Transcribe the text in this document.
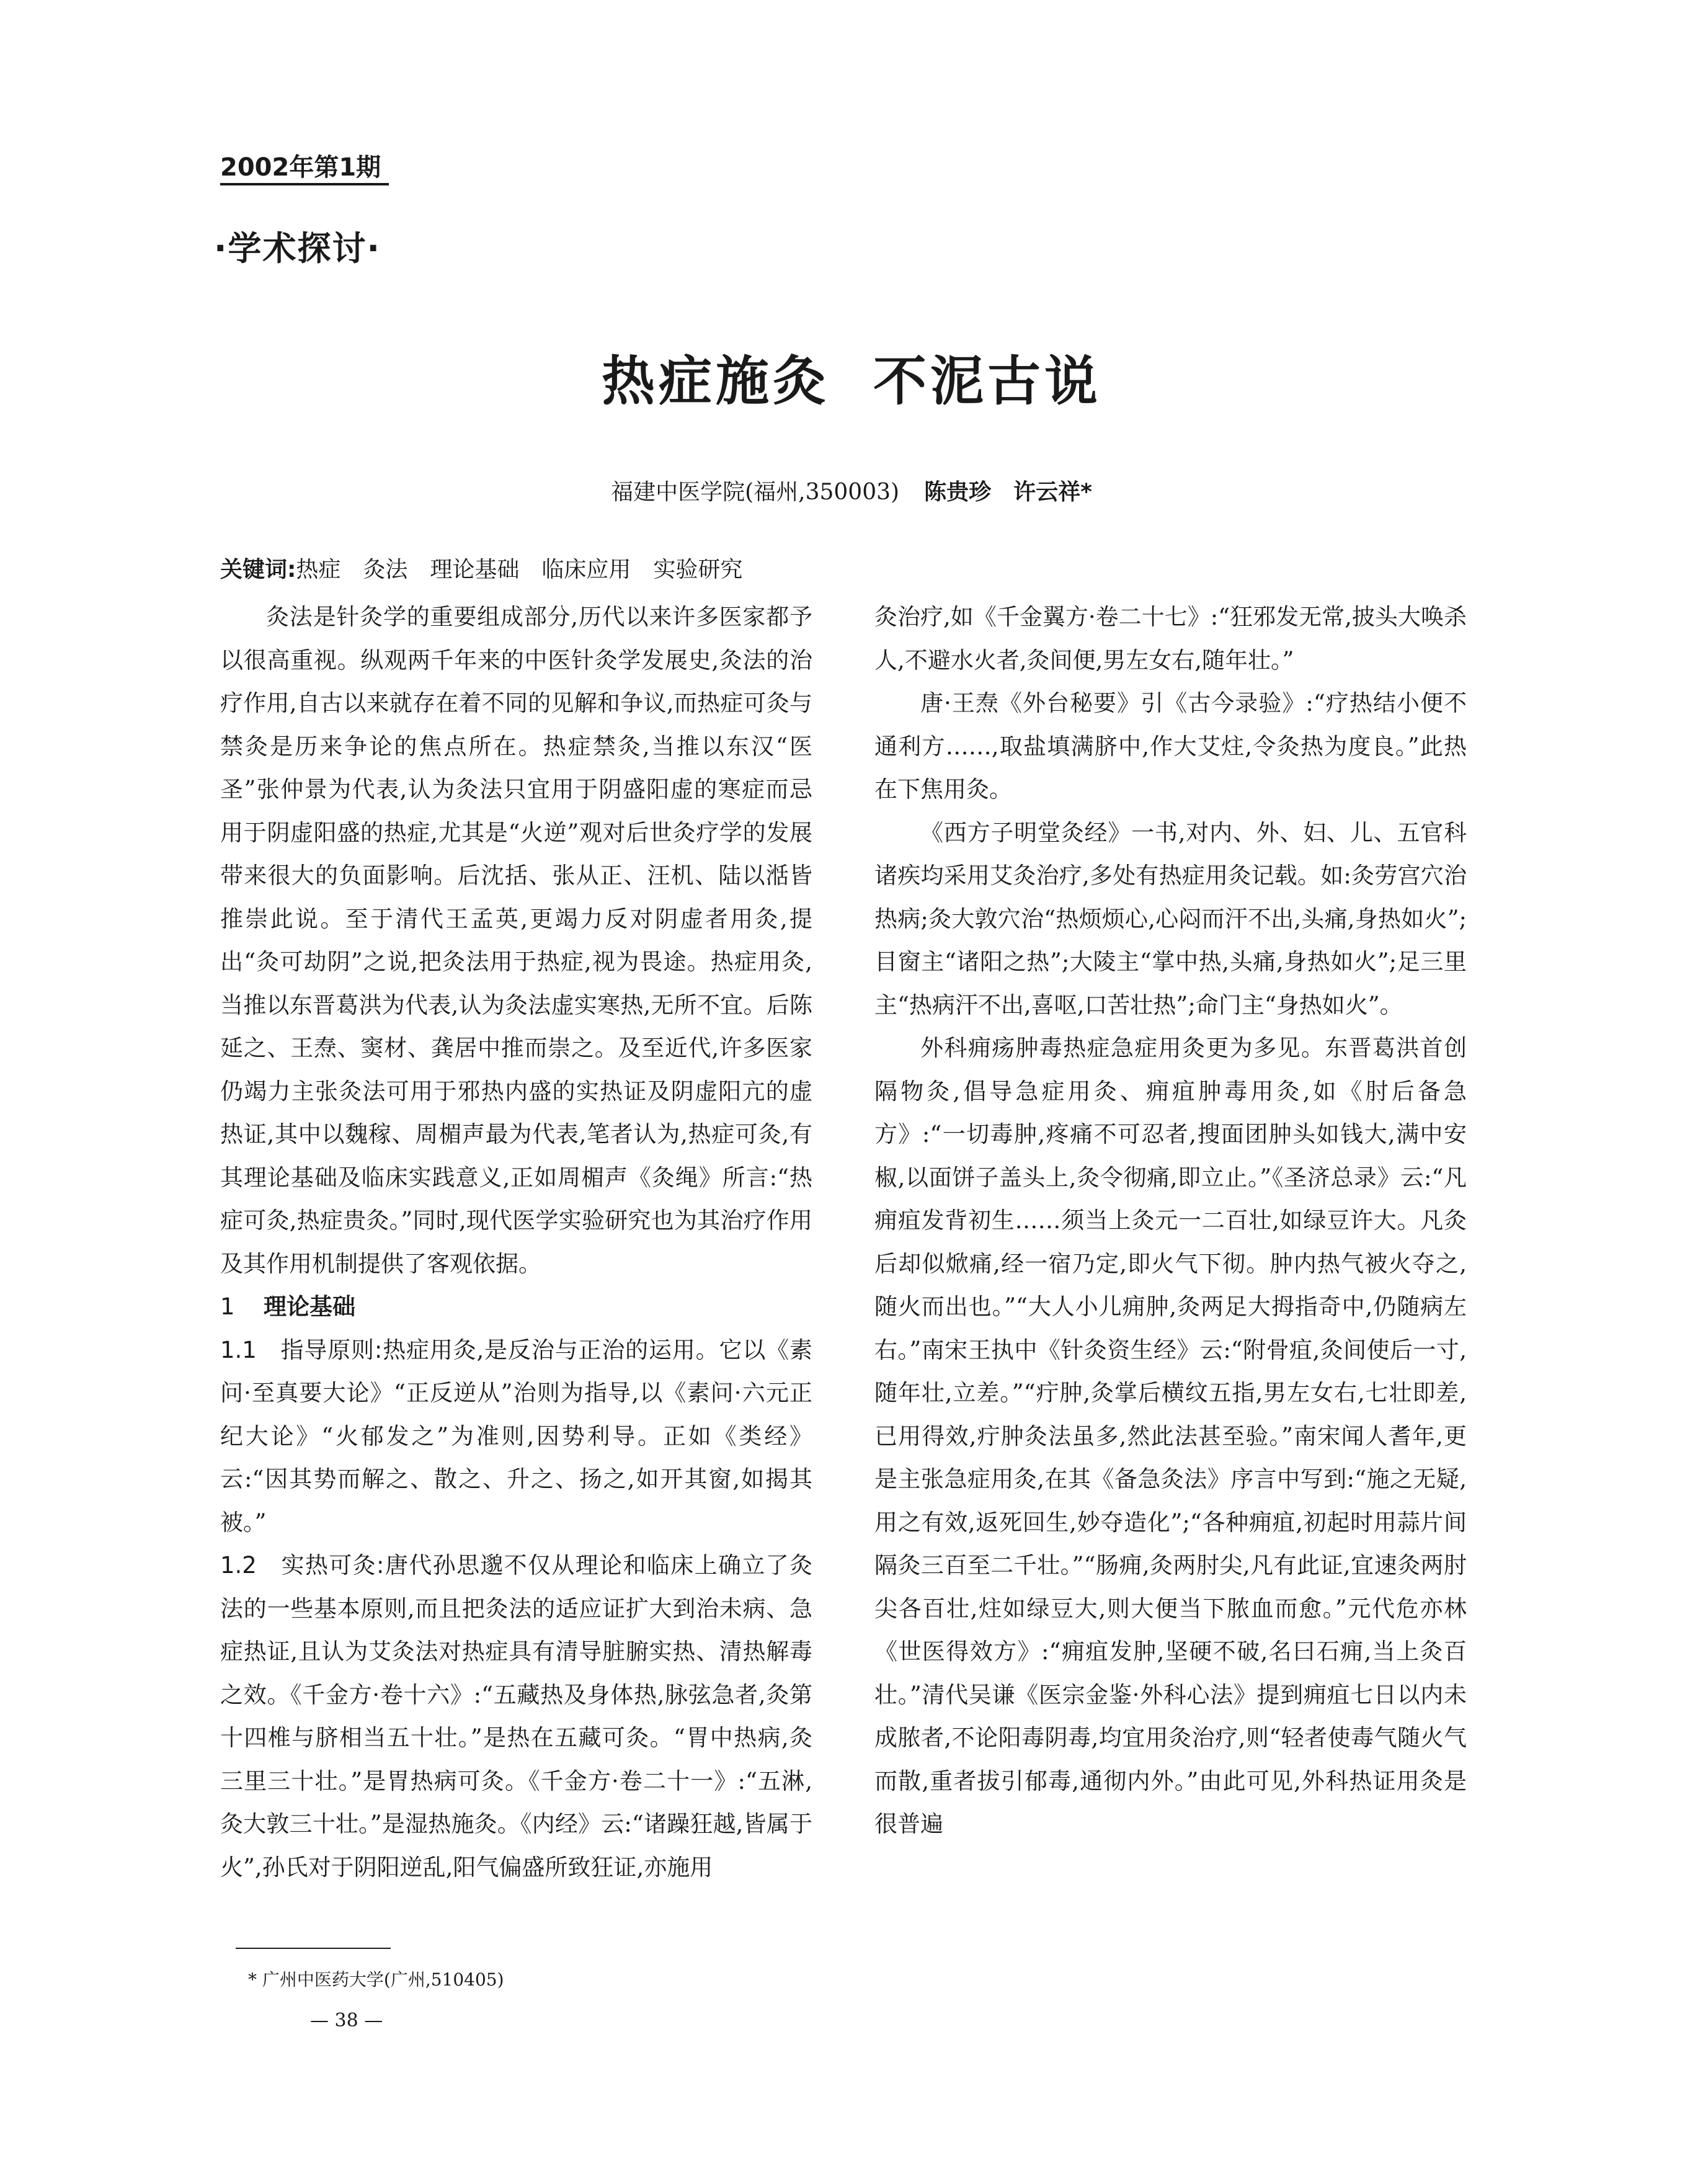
2002年第1期
·学术探讨·
热症施灸 不泥古说
福建中医学院(福州,350003) 陈贵珍　许云祥*
关键词:热症　灸法　理论基础　临床应用　实验研究

灸法是针灸学的重要组成部分,历代以来许多医家都予以很高重视。纵观两千年来的中医针灸学发展史,灸法的治疗作用,自古以来就存在着不同的见解和争议,而热症可灸与禁灸是历来争论的焦点所在。热症禁灸,当推以东汉“医圣”张仲景为代表,认为灸法只宜用于阴盛阳虚的寒症而忌用于阴虚阳盛的热症,尤其是“火逆”观对后世灸疗学的发展带来很大的负面影响。后沈括、张从正、汪机、陆以湉皆推崇此说。至于清代王孟英,更竭力反对阴虚者用灸,提出“灸可劫阴”之说,把灸法用于热症,视为畏途。热症用灸,当推以东晋葛洪为代表,认为灸法虚实寒热,无所不宜。后陈延之、王焘、窦材、龚居中推而崇之。及至近代,许多医家仍竭力主张灸法可用于邪热内盛的实热证及阴虚阳亢的虚热证,其中以魏稼、周楣声最为代表,笔者认为,热症可灸,有其理论基础及临床实践意义,正如周楣声《灸绳》所言:“热症可灸,热症贵灸。”同时,现代医学实验研究也为其治疗作用及其作用机制提供了客观依据。

1 理论基础

1.1　 指导原则:热症用灸,是反治与正治的运用。它以《素问·至真要大论》“正反逆从”治则为指导,以《素问·六元正纪大论》“火郁发之”为准则,因势利导。正如《类经》云:“因其势而解之、散之、升之、扬之,如开其窗,如揭其被。”

1.2　 实热可灸:唐代孙思邈不仅从理论和临床上确立了灸法的一些基本原则,而且把灸法的适应证扩大到治未病、急症热证,且认为艾灸法对热症具有清导脏腑实热、清热解毒之效。《千金方·卷十六》:“五藏热及身体热,脉弦急者,灸第十四椎与脐相当五十壮。”是热在五藏可灸。“胃中热病,灸三里三十壮。”是胃热病可灸。《千金方·卷二十一》:“五淋,灸大敦三十壮。”是湿热施灸。《内经》云:“诸躁狂越,皆属于火”,孙氏对于阴阳逆乱,阳气偏盛所致狂证,亦施用

灸治疗,如《千金翼方·卷二十七》:“狂邪发无常,披头大唤杀人,不避水火者,灸间便,男左女右,随年壮。”

唐·王焘《外台秘要》引《古今录验》:“疗热结小便不通利方……,取盐填满脐中,作大艾炷,令灸热为度良。”此热在下焦用灸。

《西方子明堂灸经》一书,对内、外、妇、儿、五官科诸疾均采用艾灸治疗,多处有热症用灸记载。如:灸劳宫穴治热病;灸大敦穴治“热烦烦心,心闷而汗不出,头痛,身热如火”;目窗主“诸阳之热”;大陵主“掌中热,头痛,身热如火”;足三里主“热病汗不出,喜呕,口苦壮热”;命门主“身热如火”。

外科痈疡肿毒热症急症用灸更为多见。东晋葛洪首创隔物灸,倡导急症用灸、痈疽肿毒用灸,如《肘后备急方》:“一切毒肿,疼痛不可忍者,搜面团肿头如钱大,满中安椒,以面饼子盖头上,灸令彻痛,即立止。”《圣济总录》云:“凡痈疽发背初生……须当上灸元一二百壮,如绿豆许大。凡灸后却似焮痛,经一宿乃定,即火气下彻。肿内热气被火夺之,随火而出也。”“大人小儿痈肿,灸两足大拇指奇中,仍随病左右。”南宋王执中《针灸资生经》云:“附骨疽,灸间使后一寸,随年壮,立差。”“疔肿,灸掌后横纹五指,男左女右,七壮即差,已用得效,疔肿灸法虽多,然此法甚至验。”南宋闻人耆年,更是主张急症用灸,在其《备急灸法》序言中写到:“施之无疑,用之有效,返死回生,妙夺造化”;“各种痈疽,初起时用蒜片间隔灸三百至二千壮。”“肠痈,灸两肘尖,凡有此证,宜速灸两肘尖各百壮,炷如绿豆大,则大便当下脓血而愈。”元代危亦林《世医得效方》:“痈疽发肿,坚硬不破,名曰石痈,当上灸百壮。”清代吴谦《医宗金鉴·外科心法》提到痈疽七日以内未成脓者,不论阳毒阴毒,均宜用灸治疗,则“轻者使毒气随火气而散,重者拔引郁毒,通彻内外。”由此可见,外科热证用灸是很普遍

* 广州中医药大学(广州,510405)
— 38 —
